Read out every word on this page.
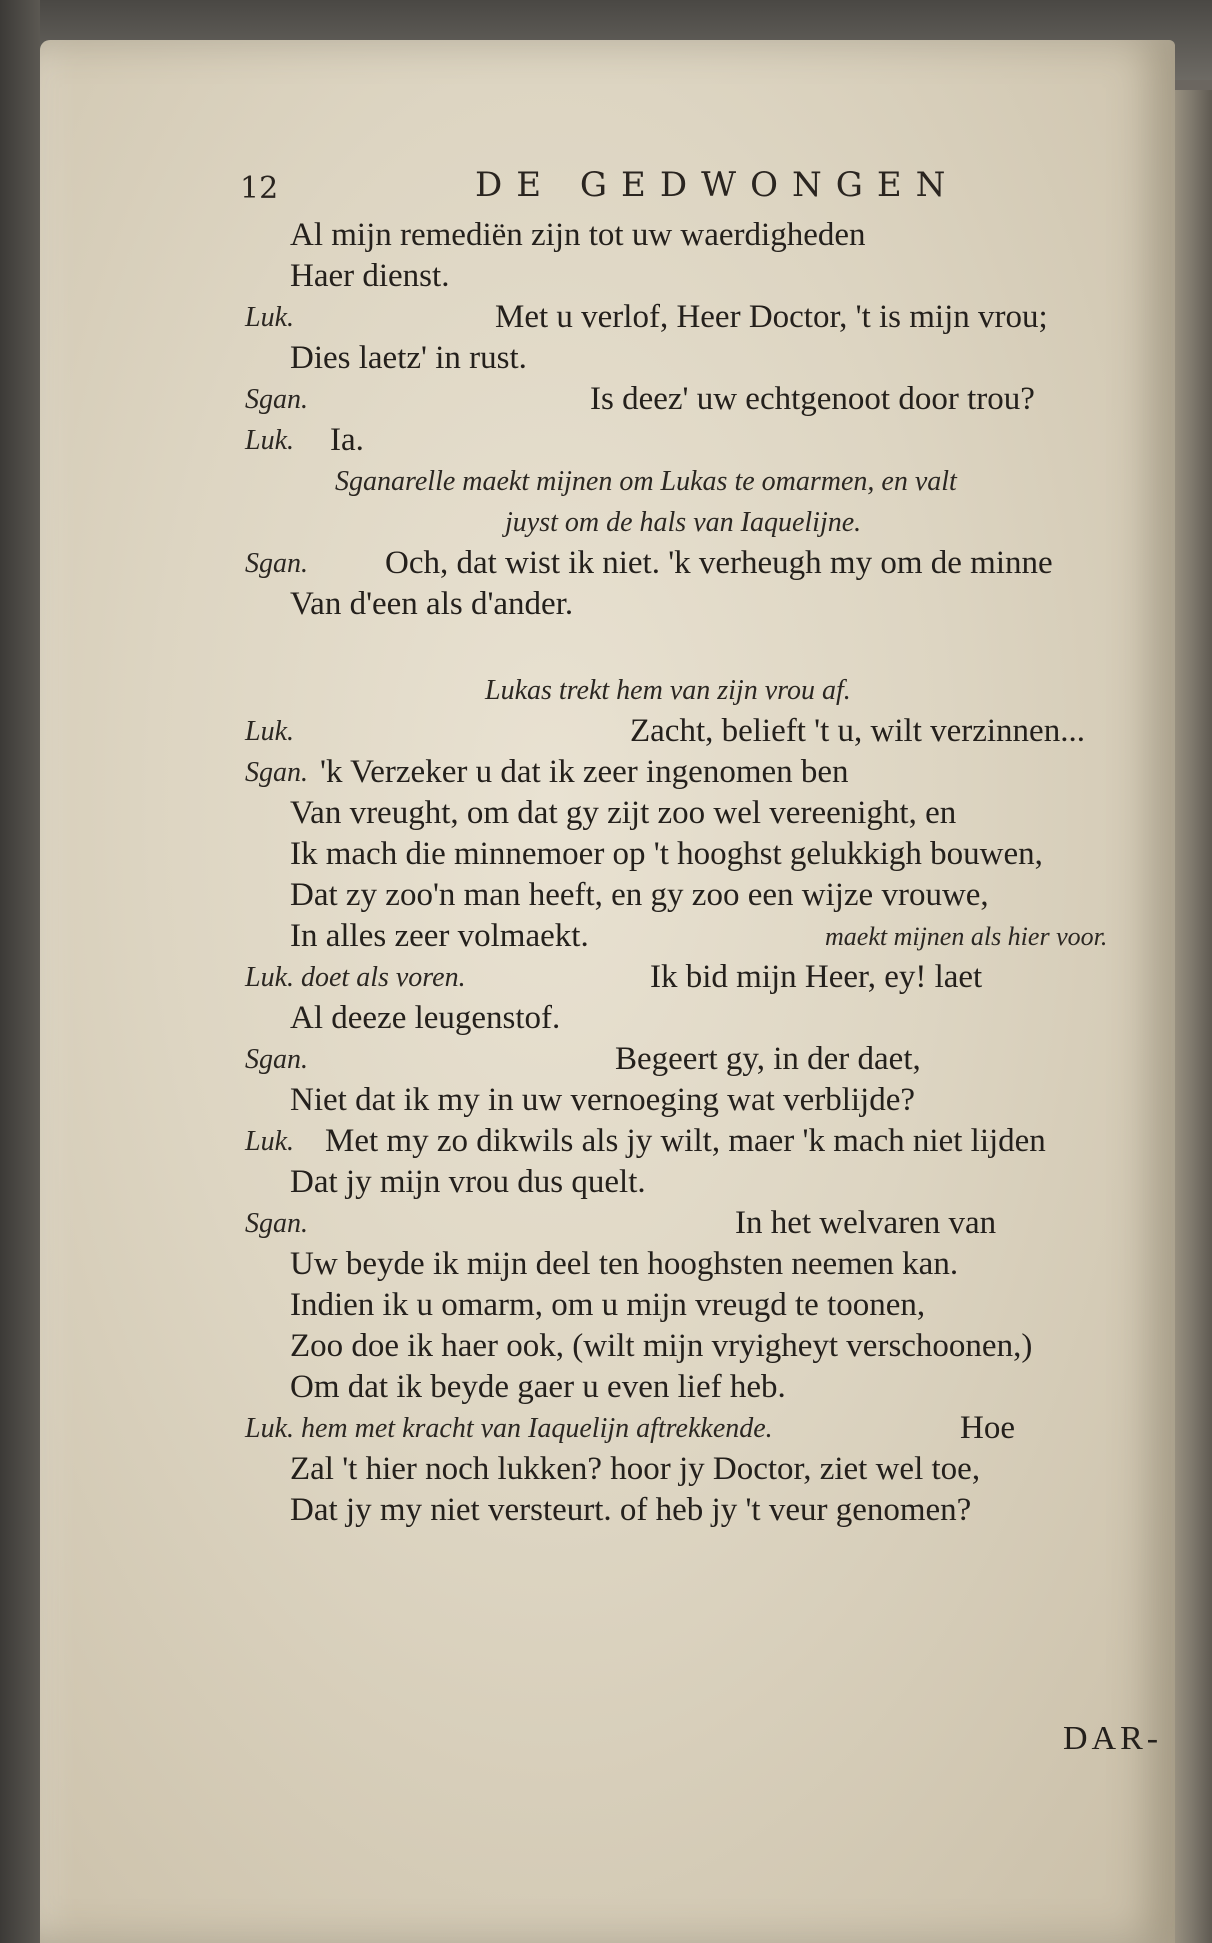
12	DE GEDWONGEN
Al mijn remediën zijn tot uw waerdigheden
Haer dienst.
Luk.	Met u verlof, Heer Doctor, 't is mijn vrou;
Dies laetz' in rust.
Sgan.	Is deez' uw echtgenoot door trou?
Luk. Ia.
Sganarelle maekt mijnen om Lukas te omarmen, en valt
juyst om de hals van Iaquelijne.
Sgan. Och, dat wist ik niet. 'k verheugh my om de minne
Van d'een als d'ander.
Lukas trekt hem van zijn vrou af.
Luk.	Zacht, belieft 't u, wilt verzinnen...
Sgan. 'k Verzeker u dat ik zeer ingenomen ben
Van vreught, om dat gy zijt zoo wel vereenight, en
Ik mach die minnemoer op 't hooghst gelukkigh bouwen,
Dat zy zoo'n man heeft, en gy zoo een wijze vrouwe,
In alles zeer volmaekt.	maekt mijnen als hier voor.
Luk. doet als voren.	Ik bid mijn Heer, ey! laet
Al deeze leugenstof.
Sgan.	Begeert gy, in der daet,
Niet dat ik my in uw vernoeging wat verblijde?
Luk. Met my zo dikwils als jy wilt, maer 'k mach niet lijden
Dat jy mijn vrou dus quelt.
Sgan.	In het welvaren van
Uw beyde ik mijn deel ten hooghsten neemen kan.
Indien ik u omarm, om u mijn vreugd te toonen,
Zoo doe ik haer ook, (wilt mijn vryigheyt verschoonen,)
Om dat ik beyde gaer u even lief heb.
Luk. hem met kracht van Iaquelijn aftrekkende.	Hoe
Zal 't hier noch lukken? hoor jy Doctor, ziet wel toe,
Dat jy my niet versteurt. of heb jy 't veur genomen?
DAR-
